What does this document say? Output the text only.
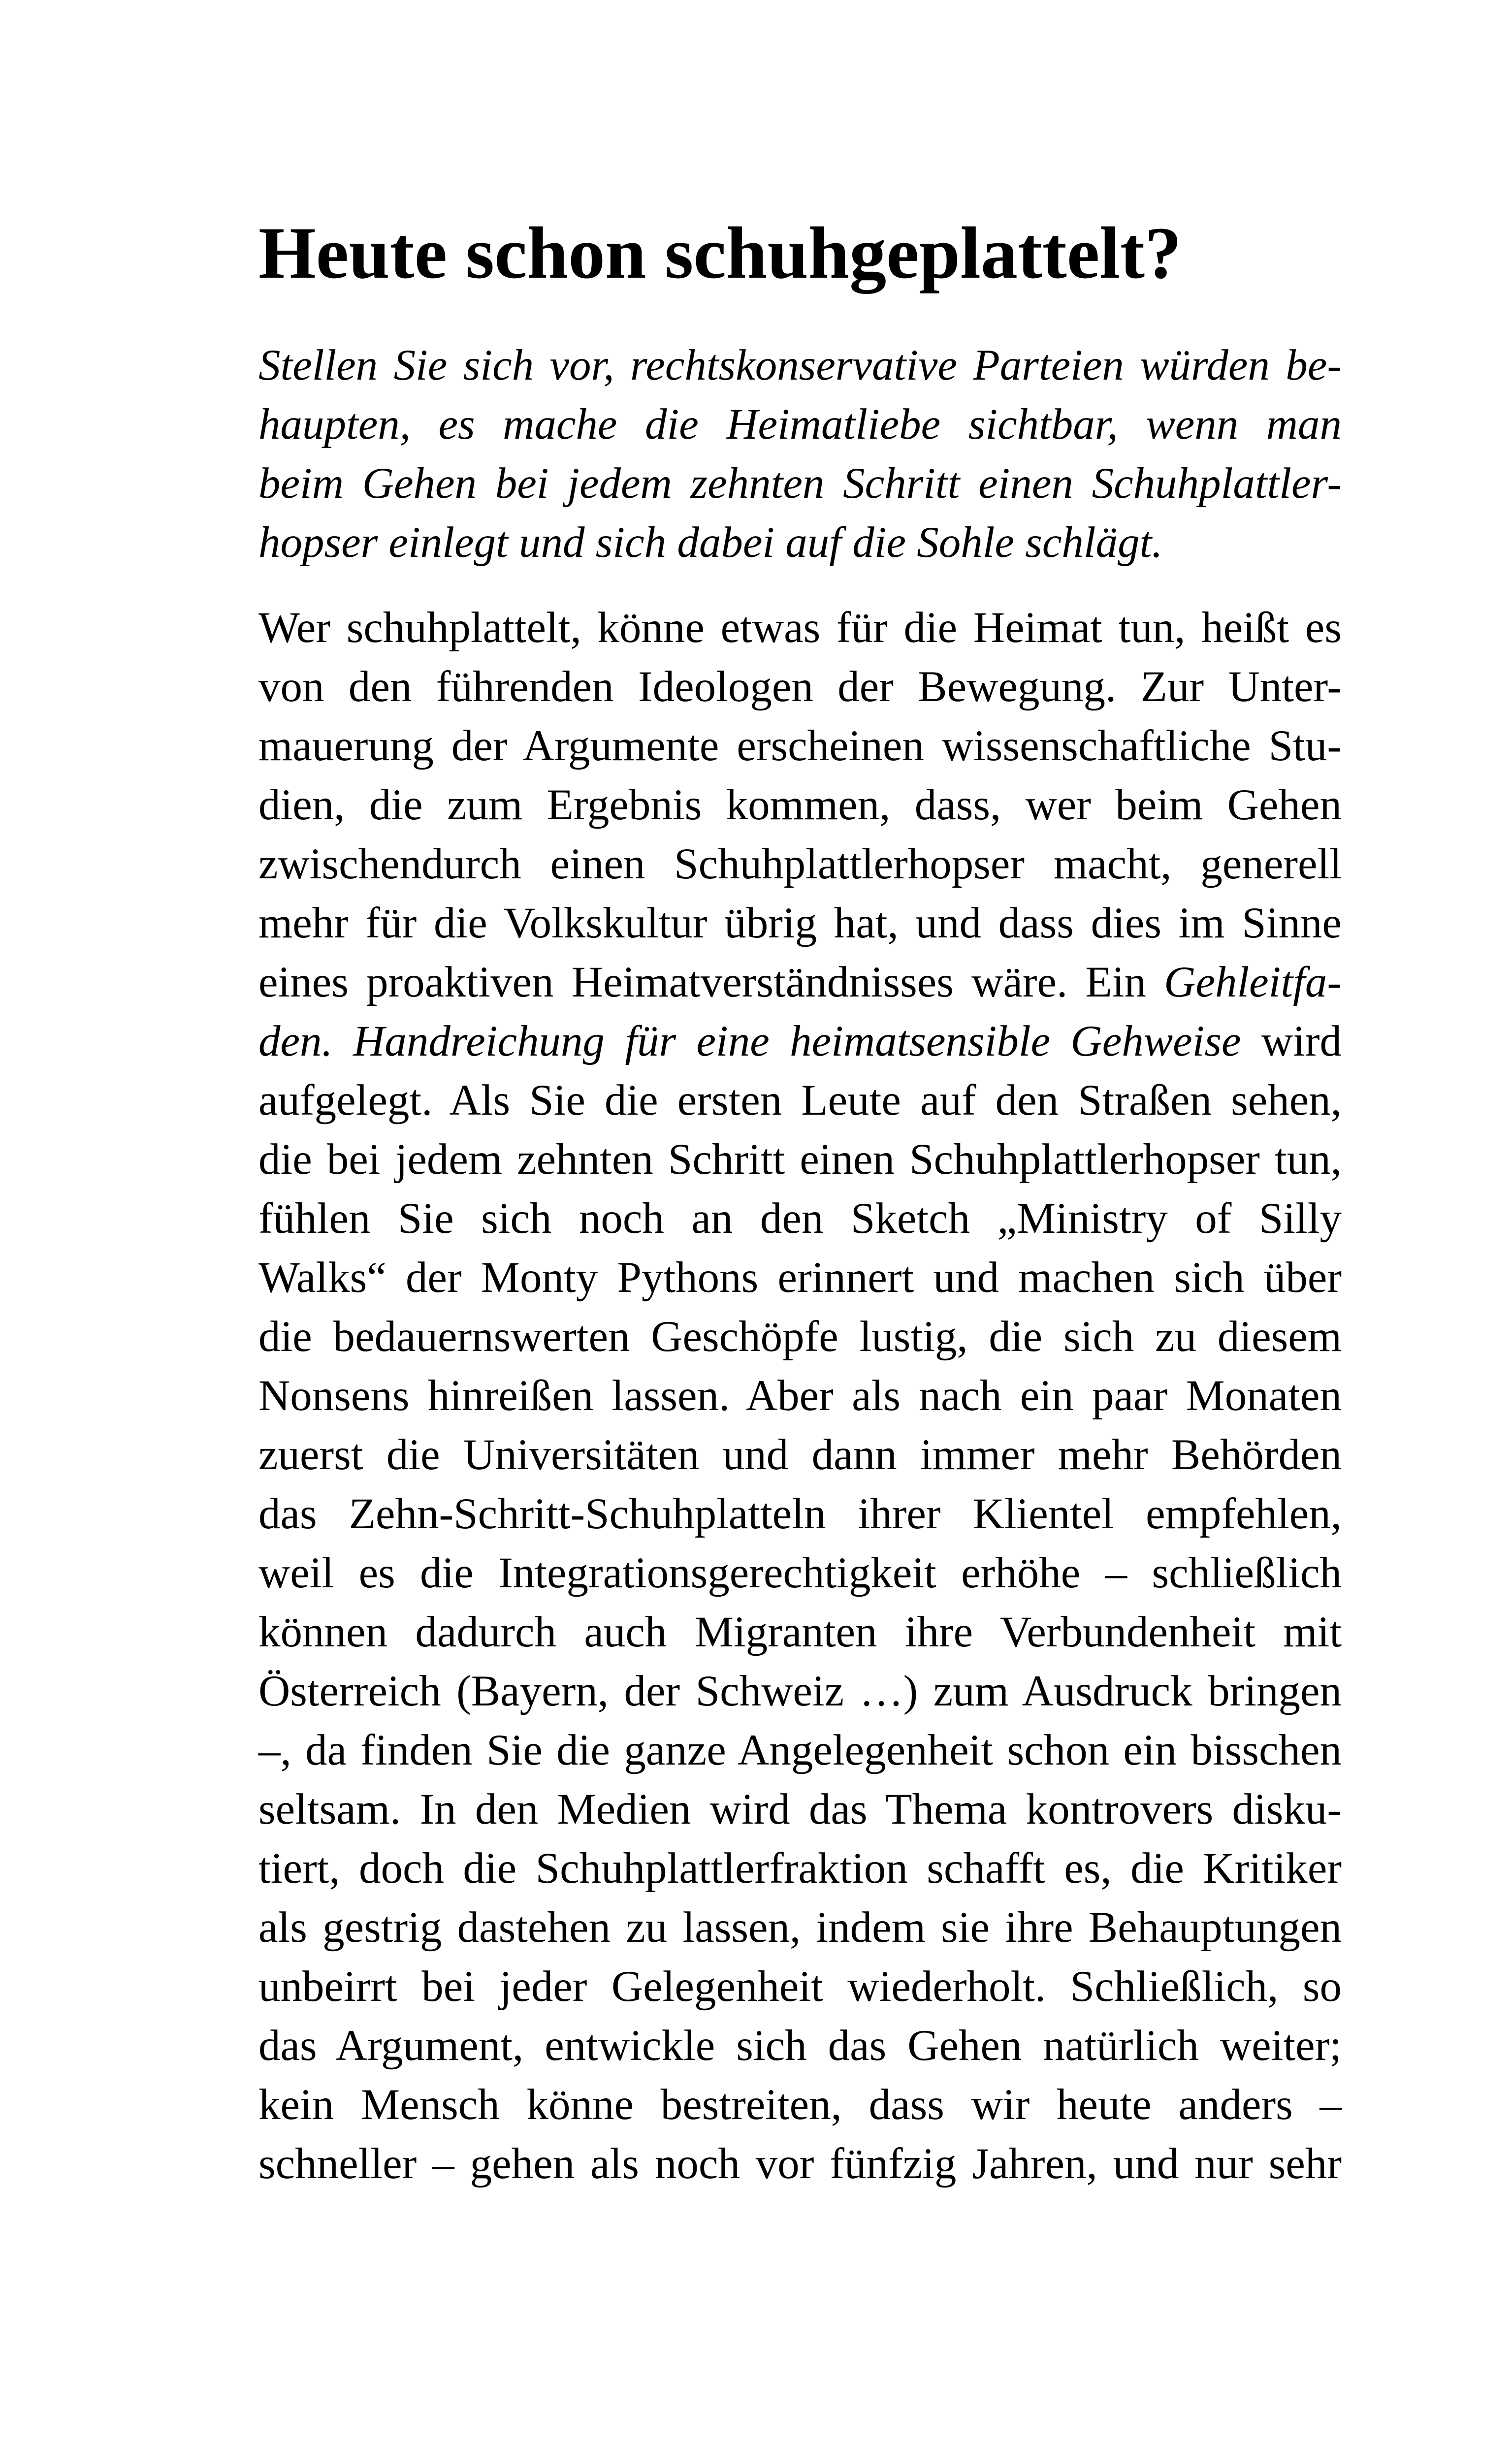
Heute schon schuhgeplattelt?

Stellen Sie sich vor, rechtskonservative Parteien würden be-

haupten, es mache die Heimatliebe sichtbar, wenn man

beim Gehen bei jedem zehnten Schritt einen Schuhplattler-

hopser einlegt und sich dabei auf die Sohle schlägt.

Wer schuhplattelt, könne etwas für die Heimat tun, heißt es

von den führenden Ideologen der Bewegung. Zur Unter-

mauerung der Argumente erscheinen wissenschaftliche Stu-

dien, die zum Ergebnis kommen, dass, wer beim Gehen

zwischendurch einen Schuhplattlerhopser macht, generell

mehr für die Volkskultur übrig hat, und dass dies im Sinne

eines proaktiven Heimatverständnisses wäre. Ein Gehleitfa-

den. Handreichung für eine heimatsensible Gehweise wird

aufgelegt. Als Sie die ersten Leute auf den Straßen sehen,

die bei jedem zehnten Schritt einen Schuhplattlerhopser tun,

fühlen Sie sich noch an den Sketch „Ministry of Silly

Walks“ der Monty Pythons erinnert und machen sich über

die bedauernswerten Geschöpfe lustig, die sich zu diesem

Nonsens hinreißen lassen. Aber als nach ein paar Monaten

zuerst die Universitäten und dann immer mehr Behörden

das Zehn-Schritt-Schuhplatteln ihrer Klientel empfehlen,

weil es die Integrationsgerechtigkeit erhöhe – schließlich

können dadurch auch Migranten ihre Verbundenheit mit

Österreich (Bayern, der Schweiz …) zum Ausdruck bringen

–, da finden Sie die ganze Angelegenheit schon ein bisschen

seltsam. In den Medien wird das Thema kontrovers disku-

tiert, doch die Schuhplattlerfraktion schafft es, die Kritiker

als gestrig dastehen zu lassen, indem sie ihre Behauptungen

unbeirrt bei jeder Gelegenheit wiederholt. Schließlich, so

das Argument, entwickle sich das Gehen natürlich weiter;

kein Mensch könne bestreiten, dass wir heute anders –

schneller – gehen als noch vor fünfzig Jahren, und nur sehr
